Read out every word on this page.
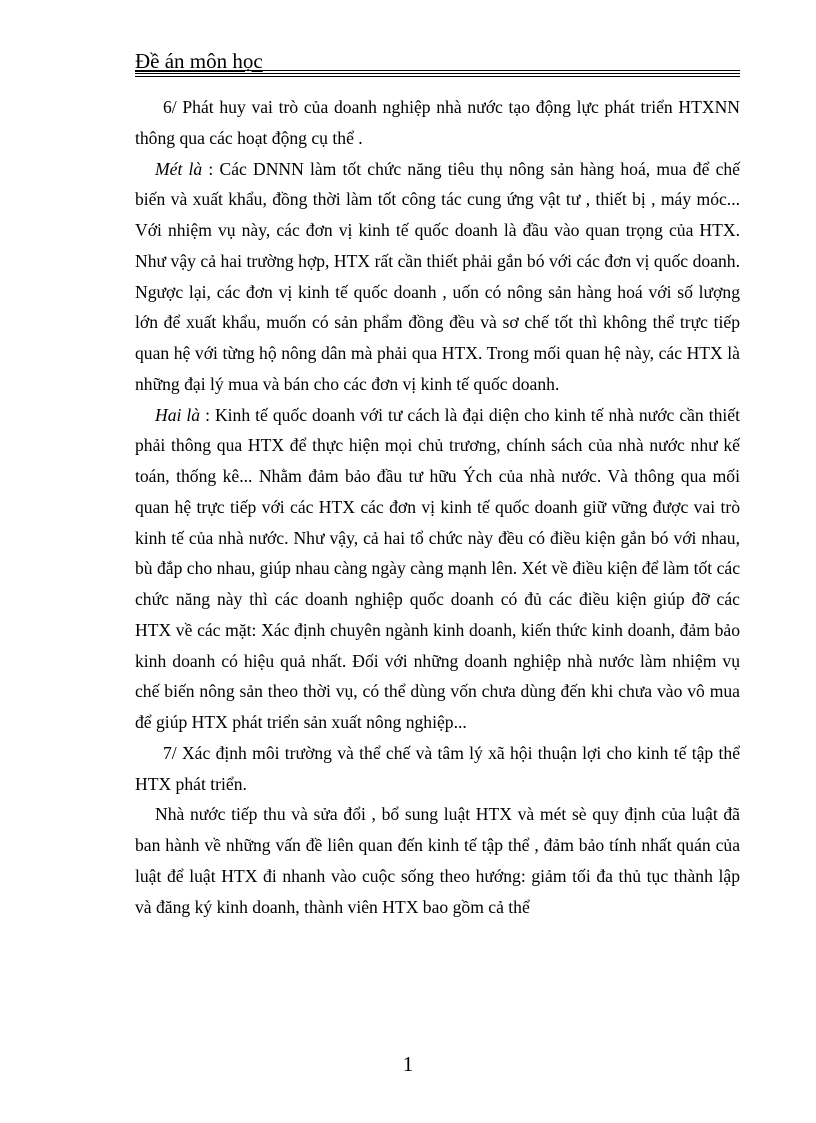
Đề án môn học

6/ Phát huy vai trò của doanh nghiệp nhà nước tạo động lực phát triển HTXNN thông qua các hoạt động cụ thể .

Mét là : Các DNNN làm tốt chức năng tiêu thụ nông sản hàng hoá, mua để chế biến và xuất khẩu, đồng thời làm tốt công tác cung ứng vật tư , thiết bị , máy móc... Với nhiệm vụ này, các đơn vị kinh tế quốc doanh là đầu vào quan trọng của HTX. Như vậy cả hai trường hợp, HTX rất cần thiết phải gắn bó với các đơn vị quốc doanh. Ngược lại, các đơn vị kinh tế quốc doanh , uốn có nông sản hàng hoá với số lượng lớn để xuất khẩu, muốn có sản phẩm đồng đều và sơ chế tốt thì không thể trực tiếp quan hệ với từng hộ nông dân mà phải qua HTX. Trong mối quan hệ này, các HTX là những đại lý mua và bán cho các đơn vị kinh tế quốc doanh.

Hai là : Kinh tế quốc doanh với tư cách là đại diện cho kinh tế nhà nước cần thiết phải thông qua HTX để thực hiện mọi chủ trương, chính sách của nhà nước như kế toán, thống kê... Nhằm đảm bảo đầu tư hữu Ých của nhà nước. Và thông qua mối quan hệ trực tiếp với các HTX các đơn vị kinh tế quốc doanh giữ vững được vai trò kinh tế của nhà nước. Như vậy, cả hai tổ chức này đều có điều kiện gắn bó với nhau, bù đắp cho nhau, giúp nhau càng ngày càng mạnh lên. Xét về điều kiện để làm tốt các chức năng này thì các doanh nghiệp quốc doanh có đủ các điều kiện giúp đỡ các HTX về các mặt: Xác định chuyên ngành kinh doanh, kiến thức kinh doanh, đảm bảo kinh doanh có hiệu quả nhất. Đối với những doanh nghiệp nhà nước làm nhiệm vụ chế biến nông sản theo thời vụ, có thể dùng vốn chưa dùng đến khi chưa vào vô mua để giúp HTX phát triển sản xuất nông nghiệp...

7/ Xác định môi trường và thể chế và tâm lý xã hội thuận lợi cho kinh tế tập thể HTX phát triển.

Nhà nước tiếp thu và sửa đổi , bổ sung luật HTX và mét sè quy định của luật đã ban hành về những vấn đề liên quan đến kinh tế tập thể , đảm bảo tính nhất quán của luật để luật HTX đi nhanh vào cuộc sống theo hướng: giảm tối đa thủ tục thành lập và đăng ký kinh doanh, thành viên HTX bao gồm cả thể

1
